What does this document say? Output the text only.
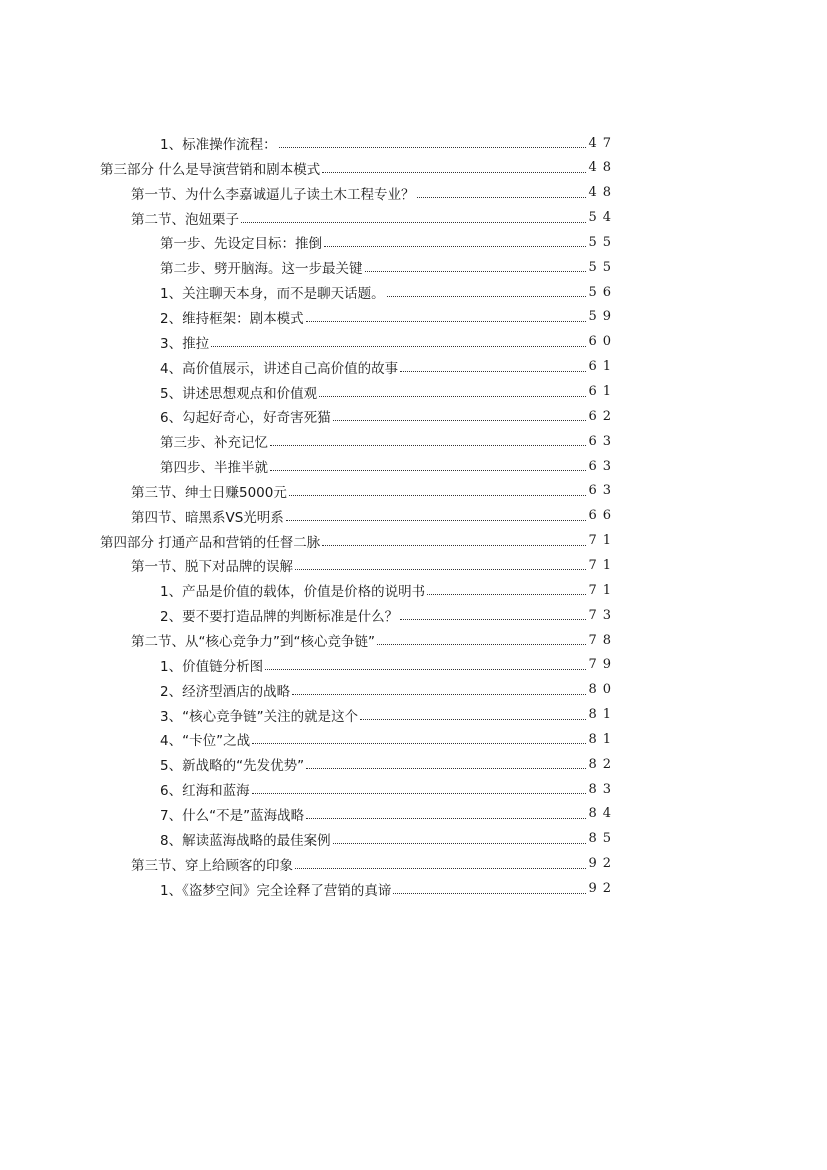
1、标准操作流程：	47
第三部分 什么是导演营销和剧本模式	48
第一节、为什么李嘉诚逼儿子读土木工程专业？	48
第二节、泡妞栗子	54
第一步、先设定目标：推倒	55
第二步、劈开脑海。这一步最关键	55
1、关注聊天本身，而不是聊天话题。	56
2、维持框架：剧本模式	59
3、推拉	60
4、高价值展示，讲述自己高价值的故事	61
5、讲述思想观点和价值观	61
6、勾起好奇心，好奇害死猫	62
第三步、补充记忆	63
第四步、半推半就	63
第三节、绅士日赚5000元	63
第四节、暗黑系VS光明系	66
第四部分 打通产品和营销的任督二脉	71
第一节、脱下对品牌的误解	71
1、产品是价值的载体，价值是价格的说明书	71
2、要不要打造品牌的判断标准是什么？	73
第二节、从“核心竞争力”到“核心竞争链”	78
1、价值链分析图	79
2、经济型酒店的战略	80
3、“核心竞争链”关注的就是这个	81
4、“卡位”之战	81
5、新战略的“先发优势”	82
6、红海和蓝海	83
7、什么“不是”蓝海战略	84
8、解读蓝海战略的最佳案例	85
第三节、穿上给顾客的印象	92
1、《盗梦空间》完全诠释了营销的真谛	92
